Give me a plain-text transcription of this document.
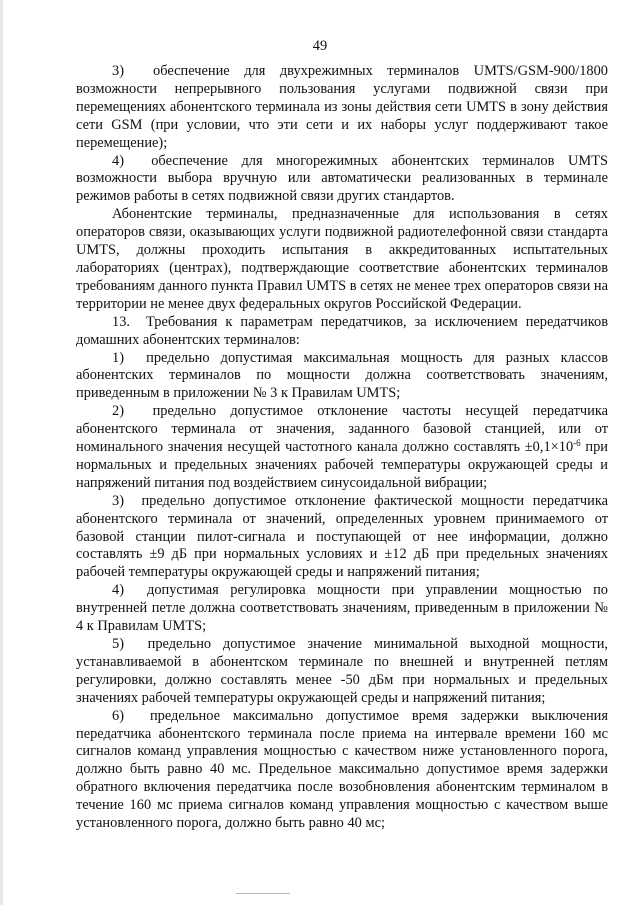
49

3)  обеспечение для двухрежимных терминалов UMTS/GSM-900/1800 возможности непрерывного пользования услугами подвижной связи при перемещениях абонентского терминала из зоны действия сети UMTS в зону действия сети GSM (при условии, что эти сети и их наборы услуг поддерживают такое перемещение);

4)  обеспечение для многорежимных абонентских терминалов UMTS возможности выбора вручную или автоматически реализованных в терминале режимов работы в сетях подвижной связи других стандартов.

Абонентские терминалы, предназначенные для использования в сетях операторов связи, оказывающих услуги подвижной радиотелефонной связи стандарта UMTS, должны проходить испытания в аккредитованных испытательных лабораториях (центрах), подтверждающие соответствие абонентских терминалов требованиям данного пункта Правил UMTS в сетях не менее трех операторов связи на территории не менее двух федеральных округов Российской Федерации.

13.  Требования к параметрам передатчиков, за исключением передатчиков домашних абонентских терминалов:

1)  предельно допустимая максимальная мощность для разных классов абонентских терминалов по мощности должна соответствовать значениям, приведенным в приложении № 3 к Правилам UMTS;

2)  предельно допустимое отклонение частоты несущей передатчика абонентского терминала от значения, заданного базовой станцией, или от номинального значения несущей частотного канала должно составлять $\pm 0,1\times 10^{-6}$ при нормальных и предельных значениях рабочей температуры окружающей среды и напряжений питания под воздействием синусоидальной вибрации;

3)  предельно допустимое отклонение фактической мощности передатчика абонентского терминала от значений, определенных уровнем принимаемого от базовой станции пилот-сигнала и поступающей от нее информации, должно составлять ±9 дБ при нормальных условиях и ±12 дБ при предельных значениях рабочей температуры окружающей среды и напряжений питания;

4)  допустимая регулировка мощности при управлении мощностью по внутренней петле должна соответствовать значениям, приведенным в приложении № 4 к Правилам UMTS;

5)  предельно допустимое значение минимальной выходной мощности, устанавливаемой в абонентском терминале по внешней и внутренней петлям регулировки, должно составлять менее -50 дБм при нормальных и предельных значениях рабочей температуры окружающей среды и напряжений питания;

6)  предельное максимально допустимое время задержки выключения передатчика абонентского терминала после приема на интервале времени 160 мс сигналов команд управления мощностью с качеством ниже установленного порога, должно быть равно 40 мс. Предельное максимально допустимое время задержки обратного включения передатчика после возобновления абонентским терминалом в течение 160 мс приема сигналов команд управления мощностью с качеством выше установленного порога, должно быть равно 40 мс;
